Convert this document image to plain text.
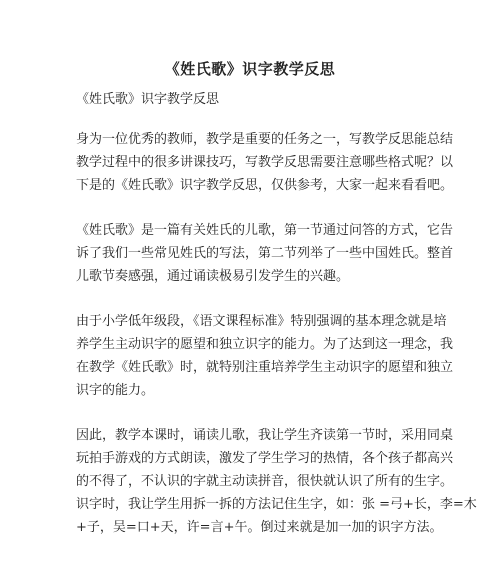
《姓氏歌》识字教学反思
《姓氏歌》识字教学反思
身为一位优秀的教师，教学是重要的任务之一，写教学反思能总结
教学过程中的很多讲课技巧，写教学反思需要注意哪些格式呢？以
下是的《姓氏歌》识字教学反思，仅供参考，大家一起来看看吧。
《姓氏歌》是一篇有关姓氏的儿歌，第一节通过问答的方式，它告
诉了我们一些常见姓氏的写法，第二节列举了一些中国姓氏。整首
儿歌节奏感强，通过诵读极易引发学生的兴趣。
由于小学低年级段，《语文课程标准》特别强调的基本理念就是培
养学生主动识字的愿望和独立识字的能力。为了达到这一理念，我
在教学《姓氏歌》时，就特别注重培养学生主动识字的愿望和独立
识字的能力。
因此，教学本课时，诵读儿歌，我让学生齐读第一节时，采用同桌
玩拍手游戏的方式朗读，激发了学生学习的热情，各个孩子都高兴
的不得了，不认识的字就主动读拼音，很快就认识了所有的生字。
识字时，我让学生用拆一拆的方法记住生字，如：张 =弓+长，李=木
+子，吴=口+天，许=言+午。倒过来就是加一加的识字方法。
